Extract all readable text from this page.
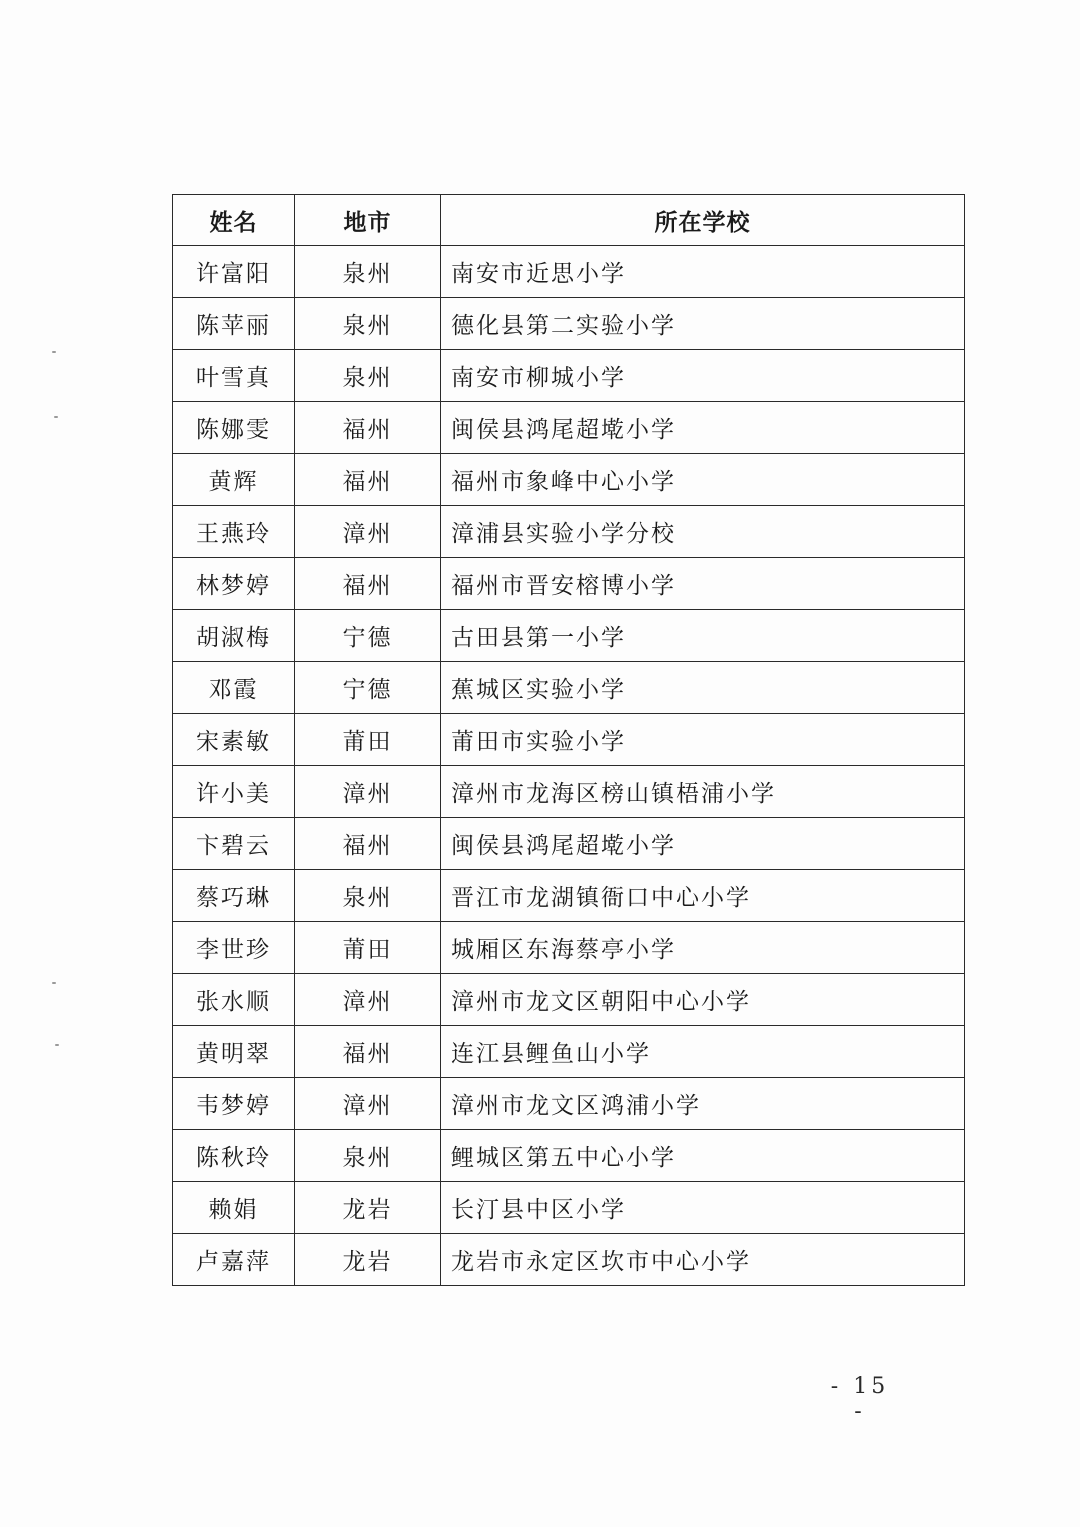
姓名	地市	所在学校
许富阳	泉州	南安市近思小学
陈苹丽	泉州	德化县第二实验小学
叶雪真	泉州	南安市柳城小学
陈娜雯	福州	闽侯县鸿尾超墘小学
黄辉	福州	福州市象峰中心小学
王燕玲	漳州	漳浦县实验小学分校
林梦婷	福州	福州市晋安榕博小学
胡淑梅	宁德	古田县第一小学
邓霞	宁德	蕉城区实验小学
宋素敏	莆田	莆田市实验小学
许小美	漳州	漳州市龙海区榜山镇梧浦小学
卞碧云	福州	闽侯县鸿尾超墘小学
蔡巧琳	泉州	晋江市龙湖镇衙口中心小学
李世珍	莆田	城厢区东海蔡亭小学
张水顺	漳州	漳州市龙文区朝阳中心小学
黄明翠	福州	连江县鲤鱼山小学
韦梦婷	漳州	漳州市龙文区鸿浦小学
陈秋玲	泉州	鲤城区第五中心小学
赖娟	龙岩	长汀县中区小学
卢嘉萍	龙岩	龙岩市永定区坎市中心小学
- 15 -
